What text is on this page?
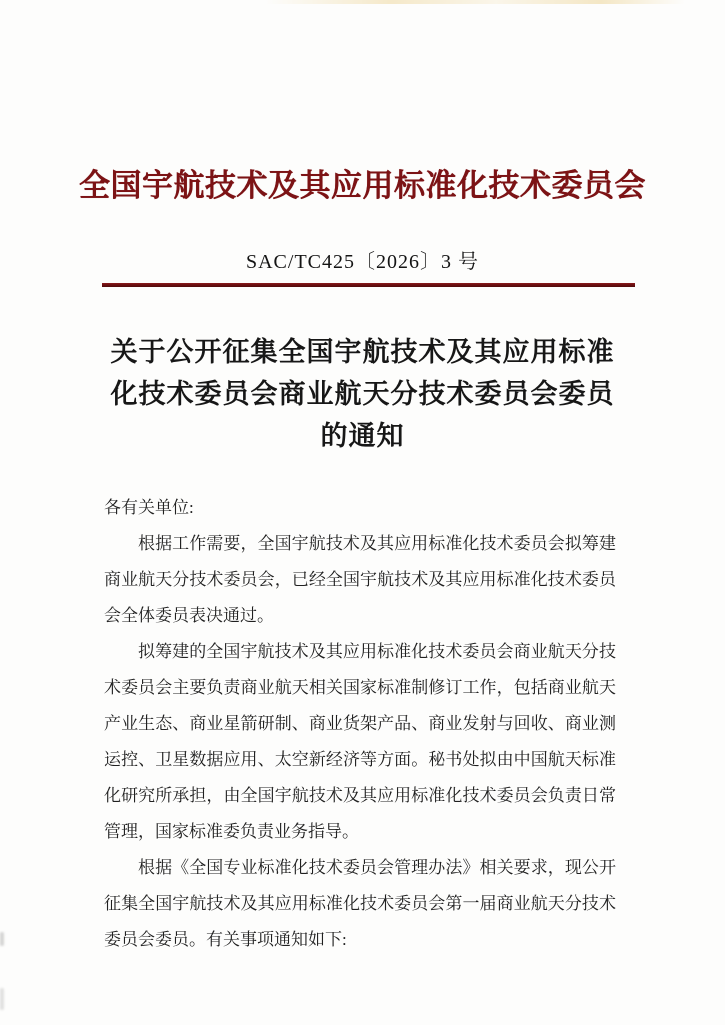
全国宇航技术及其应用标准化技术委员会
SAC/TC425〔2026〕3 号
关于公开征集全国宇航技术及其应用标准
化技术委员会商业航天分技术委员会委员
的通知

各有关单位:

根据工作需要，全国宇航技术及其应用标准化技术委员会拟筹建商业航天分技术委员会，已经全国宇航技术及其应用标准化技术委员会全体委员表决通过。

拟筹建的全国宇航技术及其应用标准化技术委员会商业航天分技术委员会主要负责商业航天相关国家标准制修订工作，包括商业航天产业生态、商业星箭研制、商业货架产品、商业发射与回收、商业测运控、卫星数据应用、太空新经济等方面。秘书处拟由中国航天标准化研究所承担，由全国宇航技术及其应用标准化技术委员会负责日常管理，国家标准委负责业务指导。

根据《全国专业标准化技术委员会管理办法》相关要求，现公开征集全国宇航技术及其应用标准化技术委员会第一届商业航天分技术委员会委员。有关事项通知如下:
